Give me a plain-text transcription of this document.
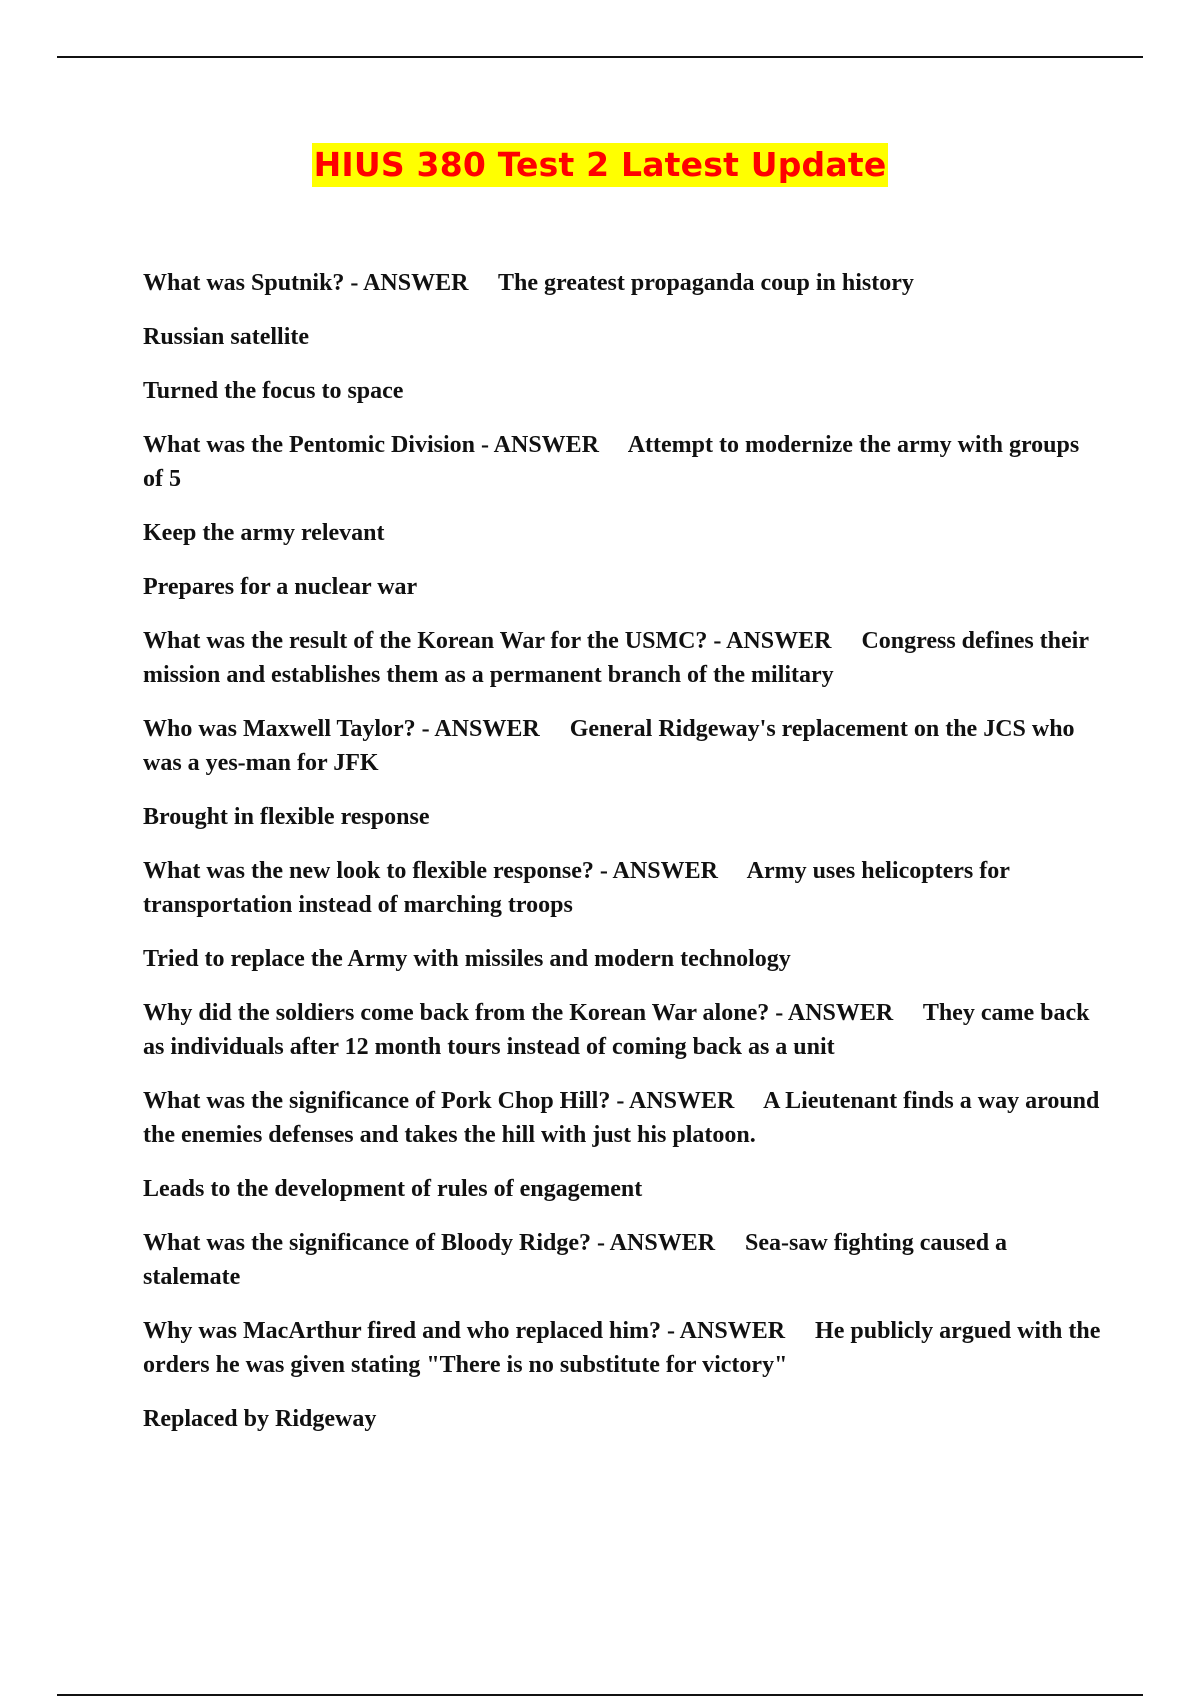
HIUS 380 Test 2 Latest Update
What was Sputnik? - ANSWER The greatest propaganda coup in history
Russian satellite
Turned the focus to space
What was the Pentomic Division - ANSWER Attempt to modernize the army with groups of 5
Keep the army relevant
Prepares for a nuclear war
What was the result of the Korean War for the USMC? - ANSWER Congress defines their mission and establishes them as a permanent branch of the military
Who was Maxwell Taylor? - ANSWER General Ridgeway's replacement on the JCS who was a yes-man for JFK
Brought in flexible response
What was the new look to flexible response? - ANSWER Army uses helicopters for transportation instead of marching troops
Tried to replace the Army with missiles and modern technology
Why did the soldiers come back from the Korean War alone? - ANSWER They came back as individuals after 12 month tours instead of coming back as a unit
What was the significance of Pork Chop Hill? - ANSWER A Lieutenant finds a way around the enemies defenses and takes the hill with just his platoon.
Leads to the development of rules of engagement
What was the significance of Bloody Ridge? - ANSWER Sea-saw fighting caused a stalemate
Why was MacArthur fired and who replaced him? - ANSWER He publicly argued with the orders he was given stating "There is no substitute for victory"
Replaced by Ridgeway
